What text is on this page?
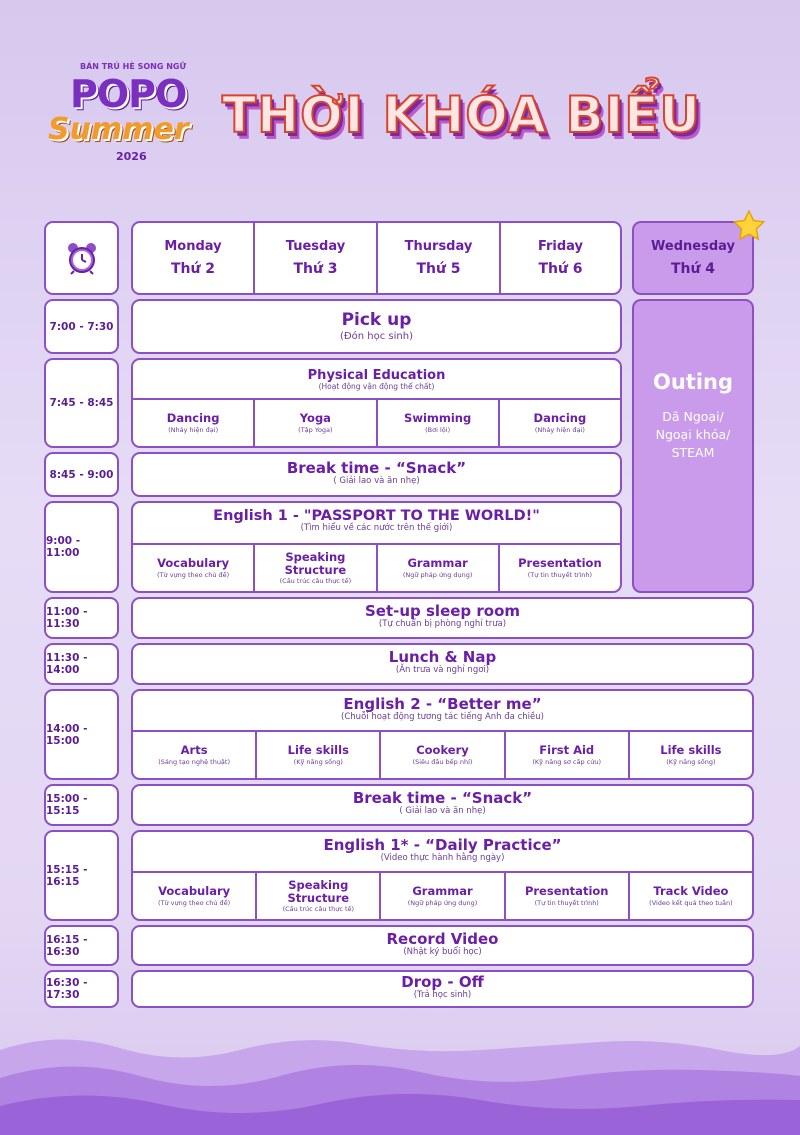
BÁN TRÚ HÈ SONG NGỮ
POPO
Summer
2026
THỜI KHÓA BIỂU
Monday
Thứ 2
Tuesday
Thứ 3
Thursday
Thứ 5
Friday
Thứ 6
Wednesday
Thứ 4
Outing
Dã Ngoại/ Ngoại khóa/ STEAM
7:00 - 7:30	Pick up
(Đón học sinh)
7:45 - 8:45
Physical Education
(Hoạt động vận động thể chất)
Dancing
(Nhảy hiện đại)
Yoga
(Tập Yoga)
Swimming
(Bơi lội)
Dancing
(Nhảy hiện đại)
8:45 - 9:00	Break time - “Snack”
( Giải lao và ăn nhẹ)
9:00 - 11:00
English 1 - "PASSPORT TO THE WORLD!"
(Tìm hiểu về các nước trên thế giới)
Vocabulary
(Từ vựng theo chủ đề)
Speaking Structure
(Cấu trúc câu thực tế)
Grammar
(Ngữ pháp ứng dụng)
Presentation
(Tự tin thuyết trình)
11:00 - 11:30
Set-up sleep room
(Tự chuẩn bị phòng nghỉ trưa)
11:30 - 14:00
Lunch & Nap
(Ăn trưa và nghỉ ngơi)
14:00 - 15:00
English 2 - “Better me”
(Chuỗi hoạt động tương tác tiếng Anh đa chiều)
Arts
(Sáng tạo nghệ thuật)
Life skills
(Kỹ năng sống)
Cookery
(Siêu đầu bếp nhí)
First Aid
(Kỹ năng sơ cấp cứu)
Life skills
(Kỹ năng sống)
15:00 - 15:15
Break time - “Snack”
( Giải lao và ăn nhẹ)
15:15 - 16:15
English 1* - “Daily Practice”
(Video thực hành hằng ngày)
Vocabulary
(Từ vựng theo chủ đề)
Speaking Structure
(Cấu trúc câu thực tế)
Grammar
(Ngữ pháp ứng dụng)
Presentation
(Tự tin thuyết trình)
Track Video
(Video kết quả theo tuần)
16:15 - 16:30
Record Video
(Nhật ký buổi học)
16:30 - 17:30
Drop - Off
(Trả học sinh)
